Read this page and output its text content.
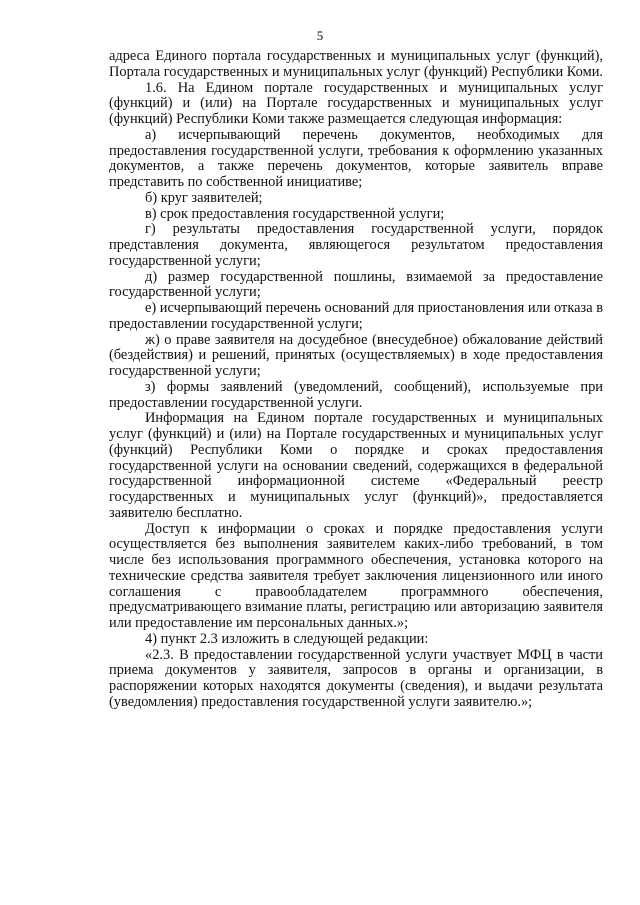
5

адреса Единого портала государственных и муниципальных услуг (функций), Портала государственных и муниципальных услуг (функций) Республики Коми.

1.6. На Едином портале государственных и муниципальных услуг (функций) и (или) на Портале государственных и муниципальных услуг (функций) Республики Коми также размещается следующая информация:

а) исчерпывающий перечень документов, необходимых для предоставления государственной услуги, требования к оформлению указанных документов, а также перечень документов, которые заявитель вправе представить по собственной инициативе;

б) круг заявителей;

в) срок предоставления государственной услуги;

г) результаты предоставления государственной услуги, порядок представления документа, являющегося результатом предоставления государственной услуги;

д) размер государственной пошлины, взимаемой за предоставление государственной услуги;

е) исчерпывающий перечень оснований для приостановления или отказа в предоставлении государственной услуги;

ж) о праве заявителя на досудебное (внесудебное) обжалование действий (бездействия) и решений, принятых (осуществляемых) в ходе предоставления государственной услуги;

з) формы заявлений (уведомлений, сообщений), используемые при предоставлении государственной услуги.

Информация на Едином портале государственных и муниципальных услуг (функций) и (или) на Портале государственных и муниципальных услуг (функций) Республики Коми о порядке и сроках предоставления государственной услуги на основании сведений, содержащихся в федеральной государственной информационной системе «Федеральный реестр государственных и муниципальных услуг (функций)», предоставляется заявителю бесплатно.

Доступ к информации о сроках и порядке предоставления услуги осуществляется без выполнения заявителем каких-либо требований, в том числе без использования программного обеспечения, установка которого на технические средства заявителя требует заключения лицензионного или иного соглашения с правообладателем программного обеспечения, предусматривающего взимание платы, регистрацию или авторизацию заявителя или предоставление им персональных данных.»;

4) пункт 2.3 изложить в следующей редакции:

«2.3. В предоставлении государственной услуги участвует МФЦ в части приема документов у заявителя, запросов в органы и организации, в распоряжении которых находятся документы (сведения), и выдачи результата (уведомления) предоставления государственной услуги заявителю.»;
